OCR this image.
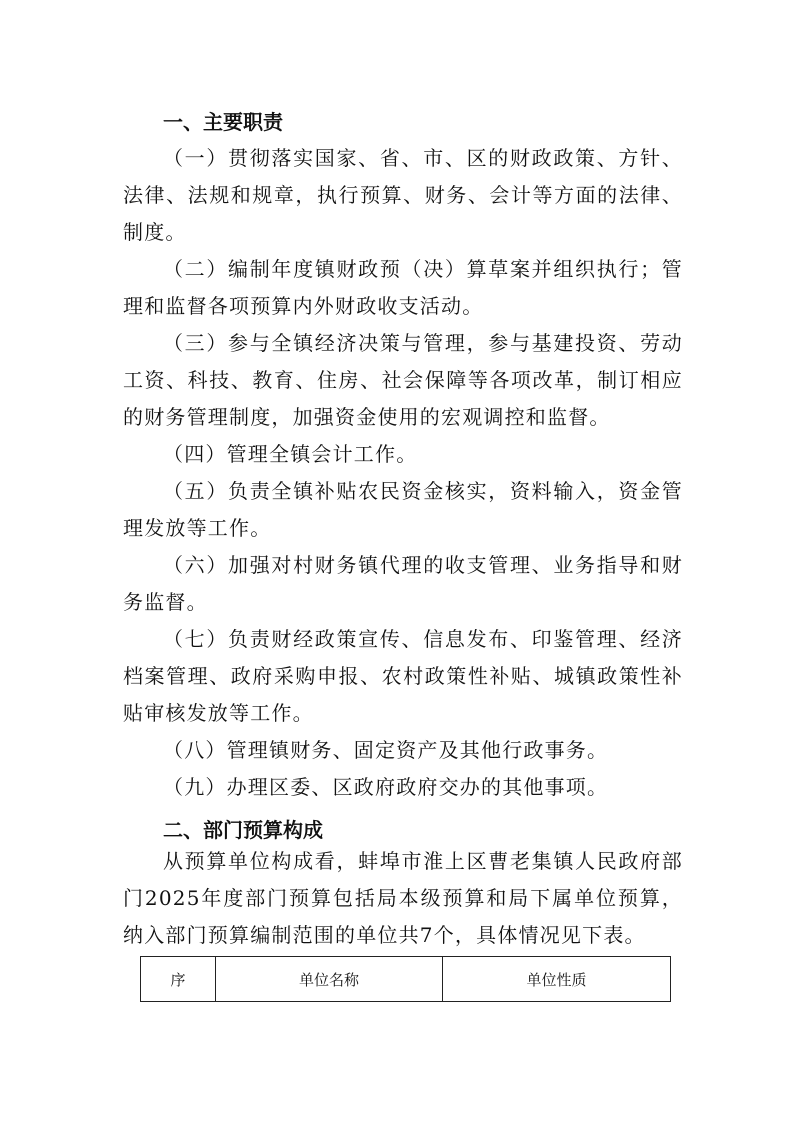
一、主要职责

（一）贯彻落实国家、省、市、区的财政政策、方针、法律、法规和规章，执行预算、财务、会计等方面的法律、制度。

（二）编制年度镇财政预（决）算草案并组织执行；管理和监督各项预算内外财政收支活动。

（三）参与全镇经济决策与管理，参与基建投资、劳动工资、科技、教育、住房、社会保障等各项改革，制订相应的财务管理制度，加强资金使用的宏观调控和监督。

（四）管理全镇会计工作。

（五）负责全镇补贴农民资金核实，资料输入，资金管理发放等工作。

（六）加强对村财务镇代理的收支管理、业务指导和财务监督。

（七）负责财经政策宣传、信息发布、印鉴管理、经济档案管理、政府采购申报、农村政策性补贴、城镇政策性补贴审核发放等工作。

（八）管理镇财务、固定资产及其他行政事务。

（九）办理区委、区政府政府交办的其他事项。

二、部门预算构成

从预算单位构成看，蚌埠市淮上区曹老集镇人民政府部门2025年度部门预算包括局本级预算和局下属单位预算，纳入部门预算编制范围的单位共7个，具体情况见下表。

序	单位名称	单位性质
